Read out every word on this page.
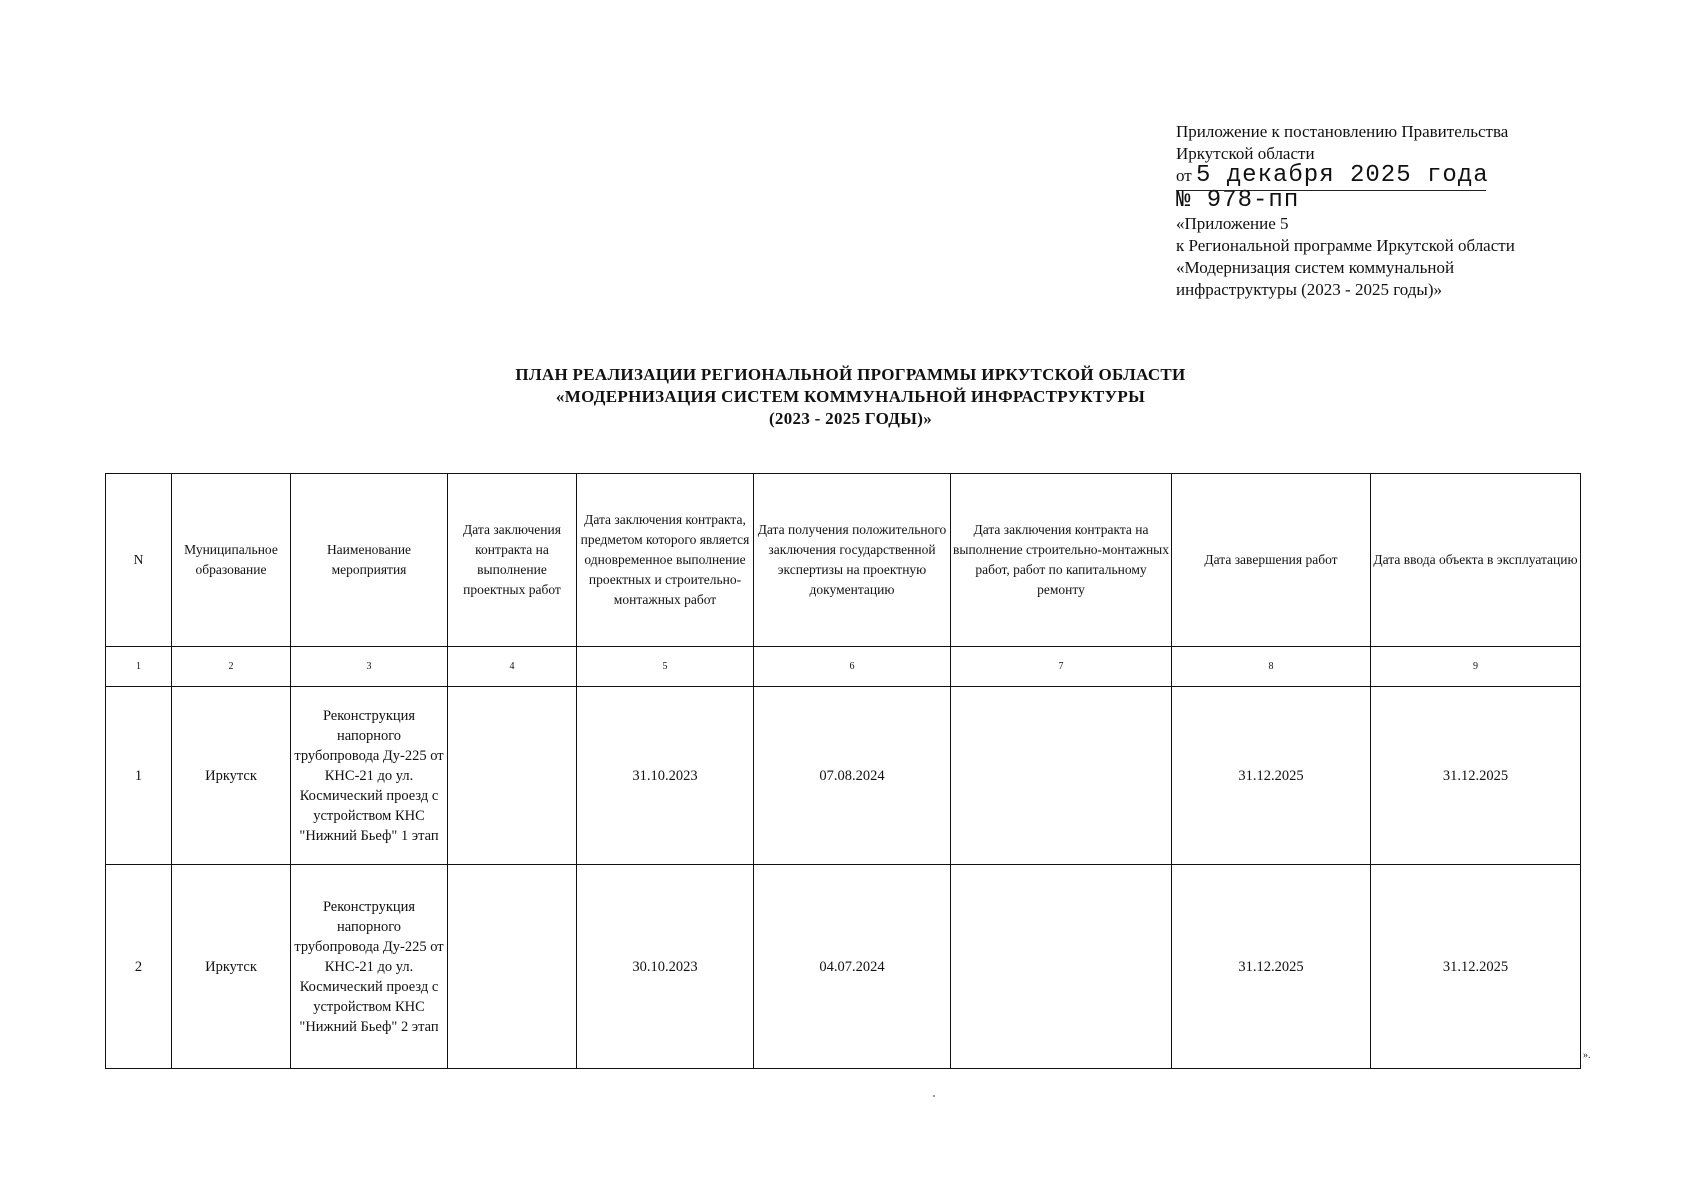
Приложение к постановлению Правительства
Иркутской области
от 5 декабря 2025 года
№ 978-пп
«Приложение 5
к Региональной программе Иркутской области
«Модернизация систем коммунальной
инфраструктуры (2023 - 2025 годы)»
ПЛАН РЕАЛИЗАЦИИ РЕГИОНАЛЬНОЙ ПРОГРАММЫ ИРКУТСКОЙ ОБЛАСТИ
«МОДЕРНИЗАЦИЯ СИСТЕМ КОММУНАЛЬНОЙ ИНФРАСТРУКТУРЫ
(2023 - 2025 ГОДЫ)»
N	Муниципальное образование	Наименование мероприятия	Дата заключения контракта на выполнение проектных работ	Дата заключения контракта, предметом которого является одновременное выполнение проектных и строительно-монтажных работ	Дата получения положительного заключения государственной экспертизы на проектную документацию	Дата заключения контракта на выполнение строительно-монтажных работ, работ по капитальному ремонту	Дата завершения работ	Дата ввода объекта в эксплуатацию
1	2	3	4	5	6	7	8	9
1	Иркутск	Реконструкция напорного трубопровода Ду-225 от КНС-21 до ул. Космический проезд с устройством КНС "Нижний Бьеф" 1 этап		31.10.2023	07.08.2024		31.12.2025	31.12.2025
2	Иркутск	Реконструкция напорного трубопровода Ду-225 от КНС-21 до ул. Космический проезд с устройством КНС "Нижний Бьеф" 2 этап		30.10.2023	04.07.2024		31.12.2025	31.12.2025
».
